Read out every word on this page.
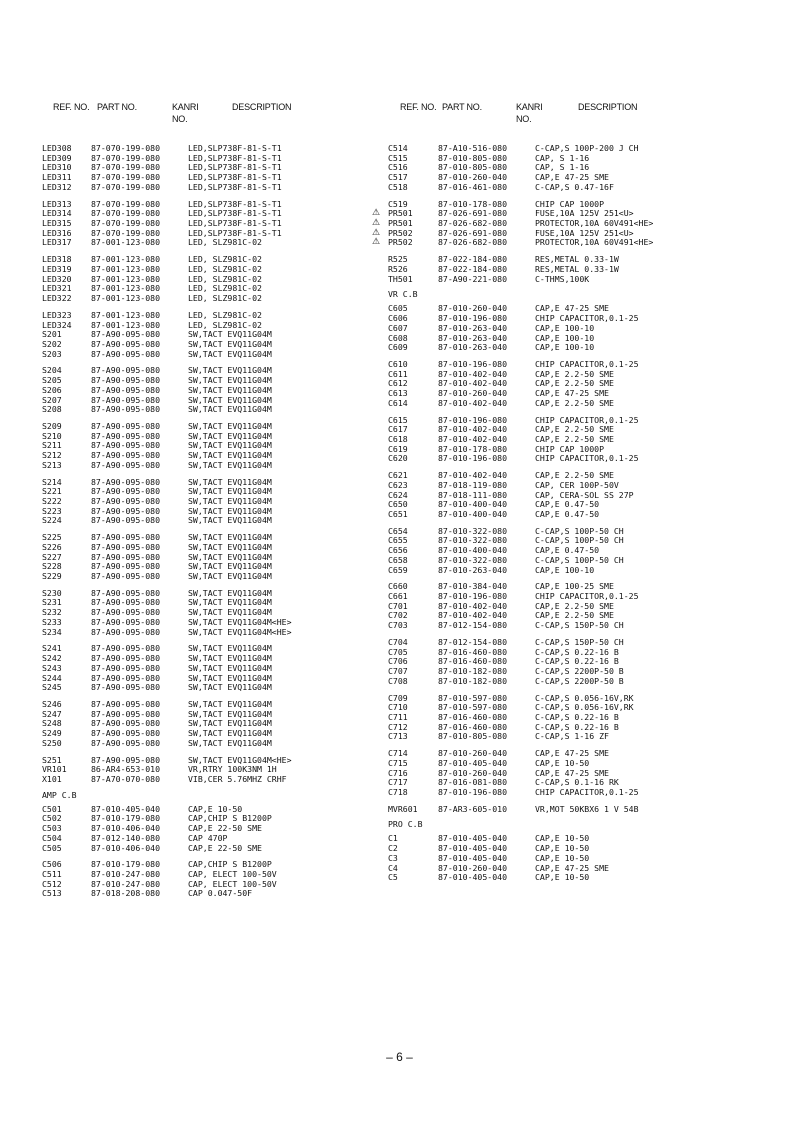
REF. NO. PART NO.	KANRI
NO.
DESCRIPTION	REF. NO. PART NO.	KANRI
NO.
DESCRIPTION
LED308 87-070-199-080	LED,SLP738F-81-S-T1
LED309 87-070-199-080	LED,SLP738F-81-S-T1
LED310 87-070-199-080	LED,SLP738F-81-S-T1
LED311 87-070-199-080	LED,SLP738F-81-S-T1
LED312 87-070-199-080	LED,SLP738F-81-S-T1
LED313 87-070-199-080	LED,SLP738F-81-S-T1
LED314 87-070-199-080	LED,SLP738F-81-S-T1
LED315 87-070-199-080	LED,SLP738F-81-S-T1
LED316 87-070-199-080	LED,SLP738F-81-S-T1
LED317 87-001-123-080	LED, SLZ981C-02
LED318 87-001-123-080	LED, SLZ981C-02
LED319 87-001-123-080	LED, SLZ981C-02
LED320 87-001-123-080	LED, SLZ981C-02
LED321 87-001-123-080	LED, SLZ981C-02
LED322 87-001-123-080	LED, SLZ981C-02
LED323 87-001-123-080	LED, SLZ981C-02
LED324 87-001-123-080	LED, SLZ981C-02
S201	87-A90-095-080	SW,TACT EVQ11G04M
S202	87-A90-095-080	SW,TACT EVQ11G04M
S203	87-A90-095-080	SW,TACT EVQ11G04M
S204	87-A90-095-080	SW,TACT EVQ11G04M
S205	87-A90-095-080	SW,TACT EVQ11G04M
S206	87-A90-095-080	SW,TACT EVQ11G04M
S207	87-A90-095-080	SW,TACT EVQ11G04M
S208	87-A90-095-080	SW,TACT EVQ11G04M
S209	87-A90-095-080	SW,TACT EVQ11G04M
S210	87-A90-095-080	SW,TACT EVQ11G04M
S211	87-A90-095-080	SW,TACT EVQ11G04M
S212	87-A90-095-080	SW,TACT EVQ11G04M
S213	87-A90-095-080	SW,TACT EVQ11G04M
S214	87-A90-095-080	SW,TACT EVQ11G04M
S221	87-A90-095-080	SW,TACT EVQ11G04M
S222	87-A90-095-080	SW,TACT EVQ11G04M
S223	87-A90-095-080	SW,TACT EVQ11G04M
S224	87-A90-095-080	SW,TACT EVQ11G04M
S225	87-A90-095-080	SW,TACT EVQ11G04M
S226	87-A90-095-080	SW,TACT EVQ11G04M
S227	87-A90-095-080	SW,TACT EVQ11G04M
S228	87-A90-095-080	SW,TACT EVQ11G04M
S229	87-A90-095-080	SW,TACT EVQ11G04M
S230	87-A90-095-080	SW,TACT EVQ11G04M
S231	87-A90-095-080	SW,TACT EVQ11G04M
S232	87-A90-095-080	SW,TACT EVQ11G04M
S233	87-A90-095-080	SW,TACT EVQ11G04M<HE>
S234	87-A90-095-080	SW,TACT EVQ11G04M<HE>
S241	87-A90-095-080	SW,TACT EVQ11G04M
S242	87-A90-095-080	SW,TACT EVQ11G04M
S243	87-A90-095-080	SW,TACT EVQ11G04M
S244	87-A90-095-080	SW,TACT EVQ11G04M
S245	87-A90-095-080	SW,TACT EVQ11G04M
S246	87-A90-095-080	SW,TACT EVQ11G04M
S247	87-A90-095-080	SW,TACT EVQ11G04M
S248	87-A90-095-080	SW,TACT EVQ11G04M
S249	87-A90-095-080	SW,TACT EVQ11G04M
S250	87-A90-095-080	SW,TACT EVQ11G04M
S251	87-A90-095-080	SW,TACT EVQ11G04M<HE>
VR101	86-AR4-653-010	VR,RTRY 100K3NM 1H
X101	87-A70-070-080	VIB,CER 5.76MHZ CRHF
AMP C.B
C501	87-010-405-040	CAP,E 10-50
C502	87-010-179-080	CAP,CHIP S B1200P
C503	87-010-406-040	CAP,E 22-50 SME
C504	87-012-140-080	CAP 470P
C505	87-010-406-040	CAP,E 22-50 SME
C506	87-010-179-080	CAP,CHIP S B1200P
C511	87-010-247-080	CAP, ELECT 100-50V
C512	87-010-247-080	CAP, ELECT 100-50V
C513	87-018-208-080	CAP 0.047-50F
C514	87-A10-516-080	C-CAP,S 100P-200 J CH
C515	87-010-805-080	CAP, S 1-16
C516	87-010-805-080	CAP, S 1-16
C517	87-010-260-040	CAP,E 47-25 SME
C518	87-016-461-080	C-CAP,S 0.47-16F
C519	87-010-178-080	CHIP CAP 1000P
⚠ PR501	87-026-691-080	FUSE,10A 125V 251<U>
⚠ PR501	87-026-682-080	PROTECTOR,10A 60V491<HE>
⚠ PR502	87-026-691-080	FUSE,10A 125V 251<U>
⚠ PR502	87-026-682-080	PROTECTOR,10A 60V491<HE>
R525	87-022-184-080	RES,METAL 0.33-1W
R526	87-022-184-080	RES,METAL 0.33-1W
TH501	87-A90-221-080	C-THMS,100K
VR C.B
C605	87-010-260-040	CAP,E 47-25 SME
C606	87-010-196-080	CHIP CAPACITOR,0.1-25
C607	87-010-263-040	CAP,E 100-10
C608	87-010-263-040	CAP,E 100-10
C609	87-010-263-040	CAP,E 100-10
C610	87-010-196-080	CHIP CAPACITOR,0.1-25
C611	87-010-402-040	CAP,E 2.2-50 SME
C612	87-010-402-040	CAP,E 2.2-50 SME
C613	87-010-260-040	CAP,E 47-25 SME
C614	87-010-402-040	CAP,E 2.2-50 SME
C615	87-010-196-080	CHIP CAPACITOR,0.1-25
C617	87-010-402-040	CAP,E 2.2-50 SME
C618	87-010-402-040	CAP,E 2.2-50 SME
C619	87-010-178-080	CHIP CAP 1000P
C620	87-010-196-080	CHIP CAPACITOR,0.1-25
C621	87-010-402-040	CAP,E 2.2-50 SME
C623	87-018-119-080	CAP, CER 100P-50V
C624	87-018-111-080	CAP, CERA-SOL SS 27P
C650	87-010-400-040	CAP,E 0.47-50
C651	87-010-400-040	CAP,E 0.47-50
C654	87-010-322-080	C-CAP,S 100P-50 CH
C655	87-010-322-080	C-CAP,S 100P-50 CH
C656	87-010-400-040	CAP,E 0.47-50
C658	87-010-322-080	C-CAP,S 100P-50 CH
C659	87-010-263-040	CAP,E 100-10
C660	87-010-384-040	CAP,E 100-25 SME
C661	87-010-196-080	CHIP CAPACITOR,0.1-25
C701	87-010-402-040	CAP,E 2.2-50 SME
C702	87-010-402-040	CAP,E 2.2-50 SME
C703	87-012-154-080	C-CAP,S 150P-50 CH
C704	87-012-154-080	C-CAP,S 150P-50 CH
C705	87-016-460-080	C-CAP,S 0.22-16 B
C706	87-016-460-080	C-CAP,S 0.22-16 B
C707	87-010-182-080	C-CAP,S 2200P-50 B
C708	87-010-182-080	C-CAP,S 2200P-50 B
C709	87-010-597-080	C-CAP,S 0.056-16V,RK
C710	87-010-597-080	C-CAP,S 0.056-16V,RK
C711	87-016-460-080	C-CAP,S 0.22-16 B
C712	87-016-460-080	C-CAP,S 0.22-16 B
C713	87-010-805-080	C-CAP,S 1-16 ZF
C714	87-010-260-040	CAP,E 47-25 SME
C715	87-010-405-040	CAP,E 10-50
C716	87-010-260-040	CAP,E 47-25 SME
C717	87-016-081-080	C-CAP,S 0.1-16 RK
C718	87-010-196-080	CHIP CAPACITOR,0.1-25
MVR601 87-AR3-605-010	VR,MOT 50KBX6 1 V 54B
PRO C.B
C1	87-010-405-040	CAP,E 10-50
C2	87-010-405-040	CAP,E 10-50
C3	87-010-405-040	CAP,E 10-50
C4	87-010-260-040	CAP,E 47-25 SME
C5	87-010-405-040	CAP,E 10-50
– 6 –
